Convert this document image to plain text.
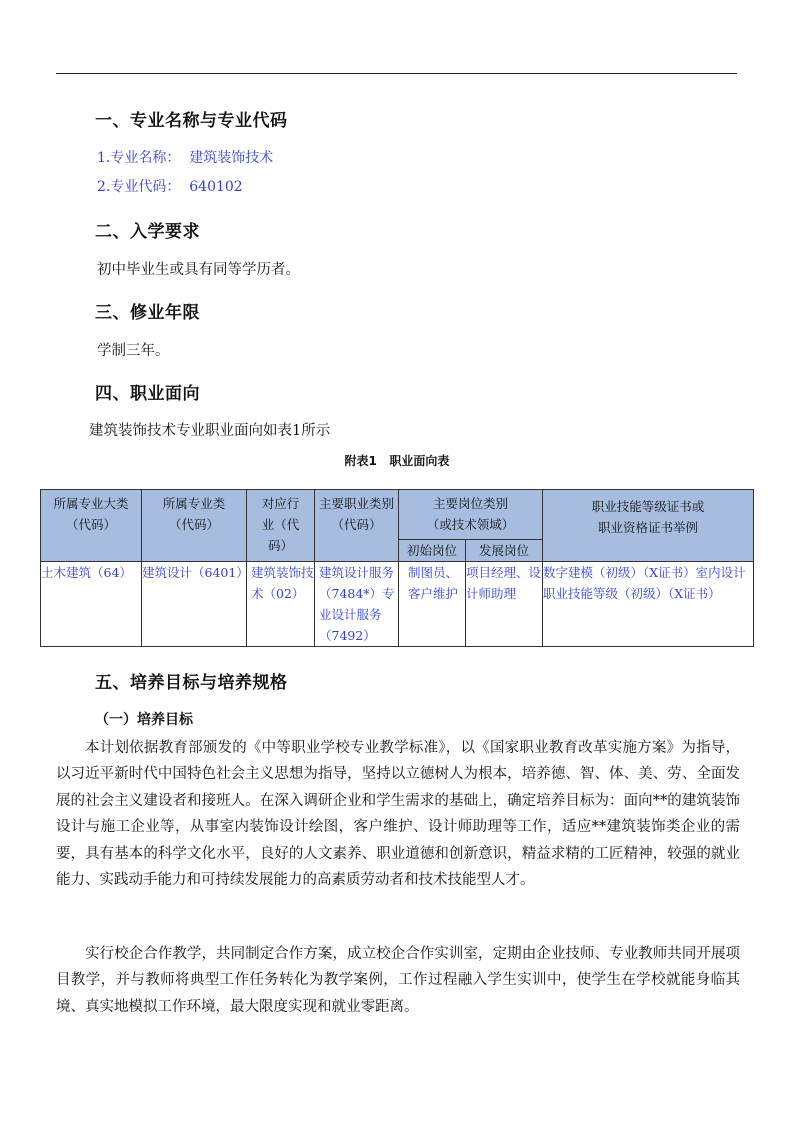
一、专业名称与专业代码
1.专业名称：  建筑装饰技术
2.专业代码：  640102
二、入学要求
初中毕业生或具有同等学历者。
三、修业年限
学制三年。
四、职业面向
建筑装饰技术专业职业面向如表1所示
附表1   职业面向表
所属专业大类（代码）	所属专业类（代码）	对应行业（代码）	主要职业类别（代码）	主要岗位类别（或技术领域）		职业技能等级证书或职业资格证书举例
				初始岗位	发展岗位	
土木建筑（64）	建筑设计（6401）	建筑装饰技术（02）	建筑设计服务（7484*）专业设计服务（7492）	制图员、客户维护	项目经理、设计师助理	数字建模（初级）（X证书）室内设计职业技能等级（初级）（X证书）
五、培养目标与培养规格
（一）培养目标

本计划依据教育部颁发的《中等职业学校专业教学标准》，以《国家职业教育改革实施方案》为指导，以习近平新时代中国特色社会主义思想为指导，坚持以立德树人为根本，培养德、智、体、美、劳、全面发展的社会主义建设者和接班人。在深入调研企业和学生需求的基础上，确定培养目标为：面向**的建筑装饰设计与施工企业等，从事室内装饰设计绘图，客户维护、设计师助理等工作，适应**建筑装饰类企业的需要，具有基本的科学文化水平，良好的人文素养、职业道德和创新意识，精益求精的工匠精神，较强的就业能力、实践动手能力和可持续发展能力的高素质劳动者和技术技能型人才。

实行校企合作教学，共同制定合作方案，成立校企合作实训室，定期由企业技师、专业教师共同开展项目教学，并与教师将典型工作任务转化为教学案例，工作过程融入学生实训中，使学生在学校就能身临其境、真实地模拟工作环境，最大限度实现和就业零距离。
